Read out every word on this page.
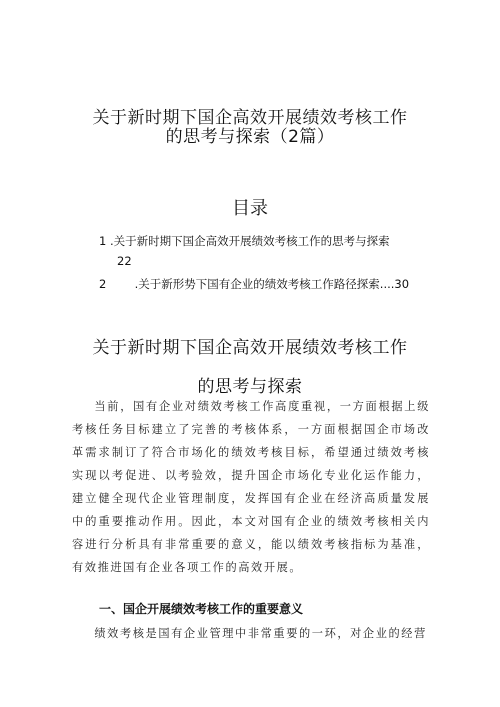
关于新时期下国企高效开展绩效考核工作
的思考与探索（2篇）
目录
1 .关于新时期下国企高效开展绩效考核工作的思考与探索
22
2 .关于新形势下国有企业的绩效考核工作路径探索....30
关于新时期下国企高效开展绩效考核工作
的思考与探索

当前，国有企业对绩效考核工作高度重视，一方面根据上级考核任务目标建立了完善的考核体系，一方面根据国企市场改革需求制订了符合市场化的绩效考核目标，希望通过绩效考核实现以考促进、以考验效，提升国企市场化专业化运作能力，建立健全现代企业管理制度，发挥国有企业在经济高质量发展中的重要推动作用。因此，本文对国有企业的绩效考核相关内容进行分析具有非常重要的意义，能以绩效考核指标为基准，有效推进国有企业各项工作的高效开展。

一、国企开展绩效考核工作的重要意义

绩效考核是国有企业管理中非常重要的一环，对企业的经营
